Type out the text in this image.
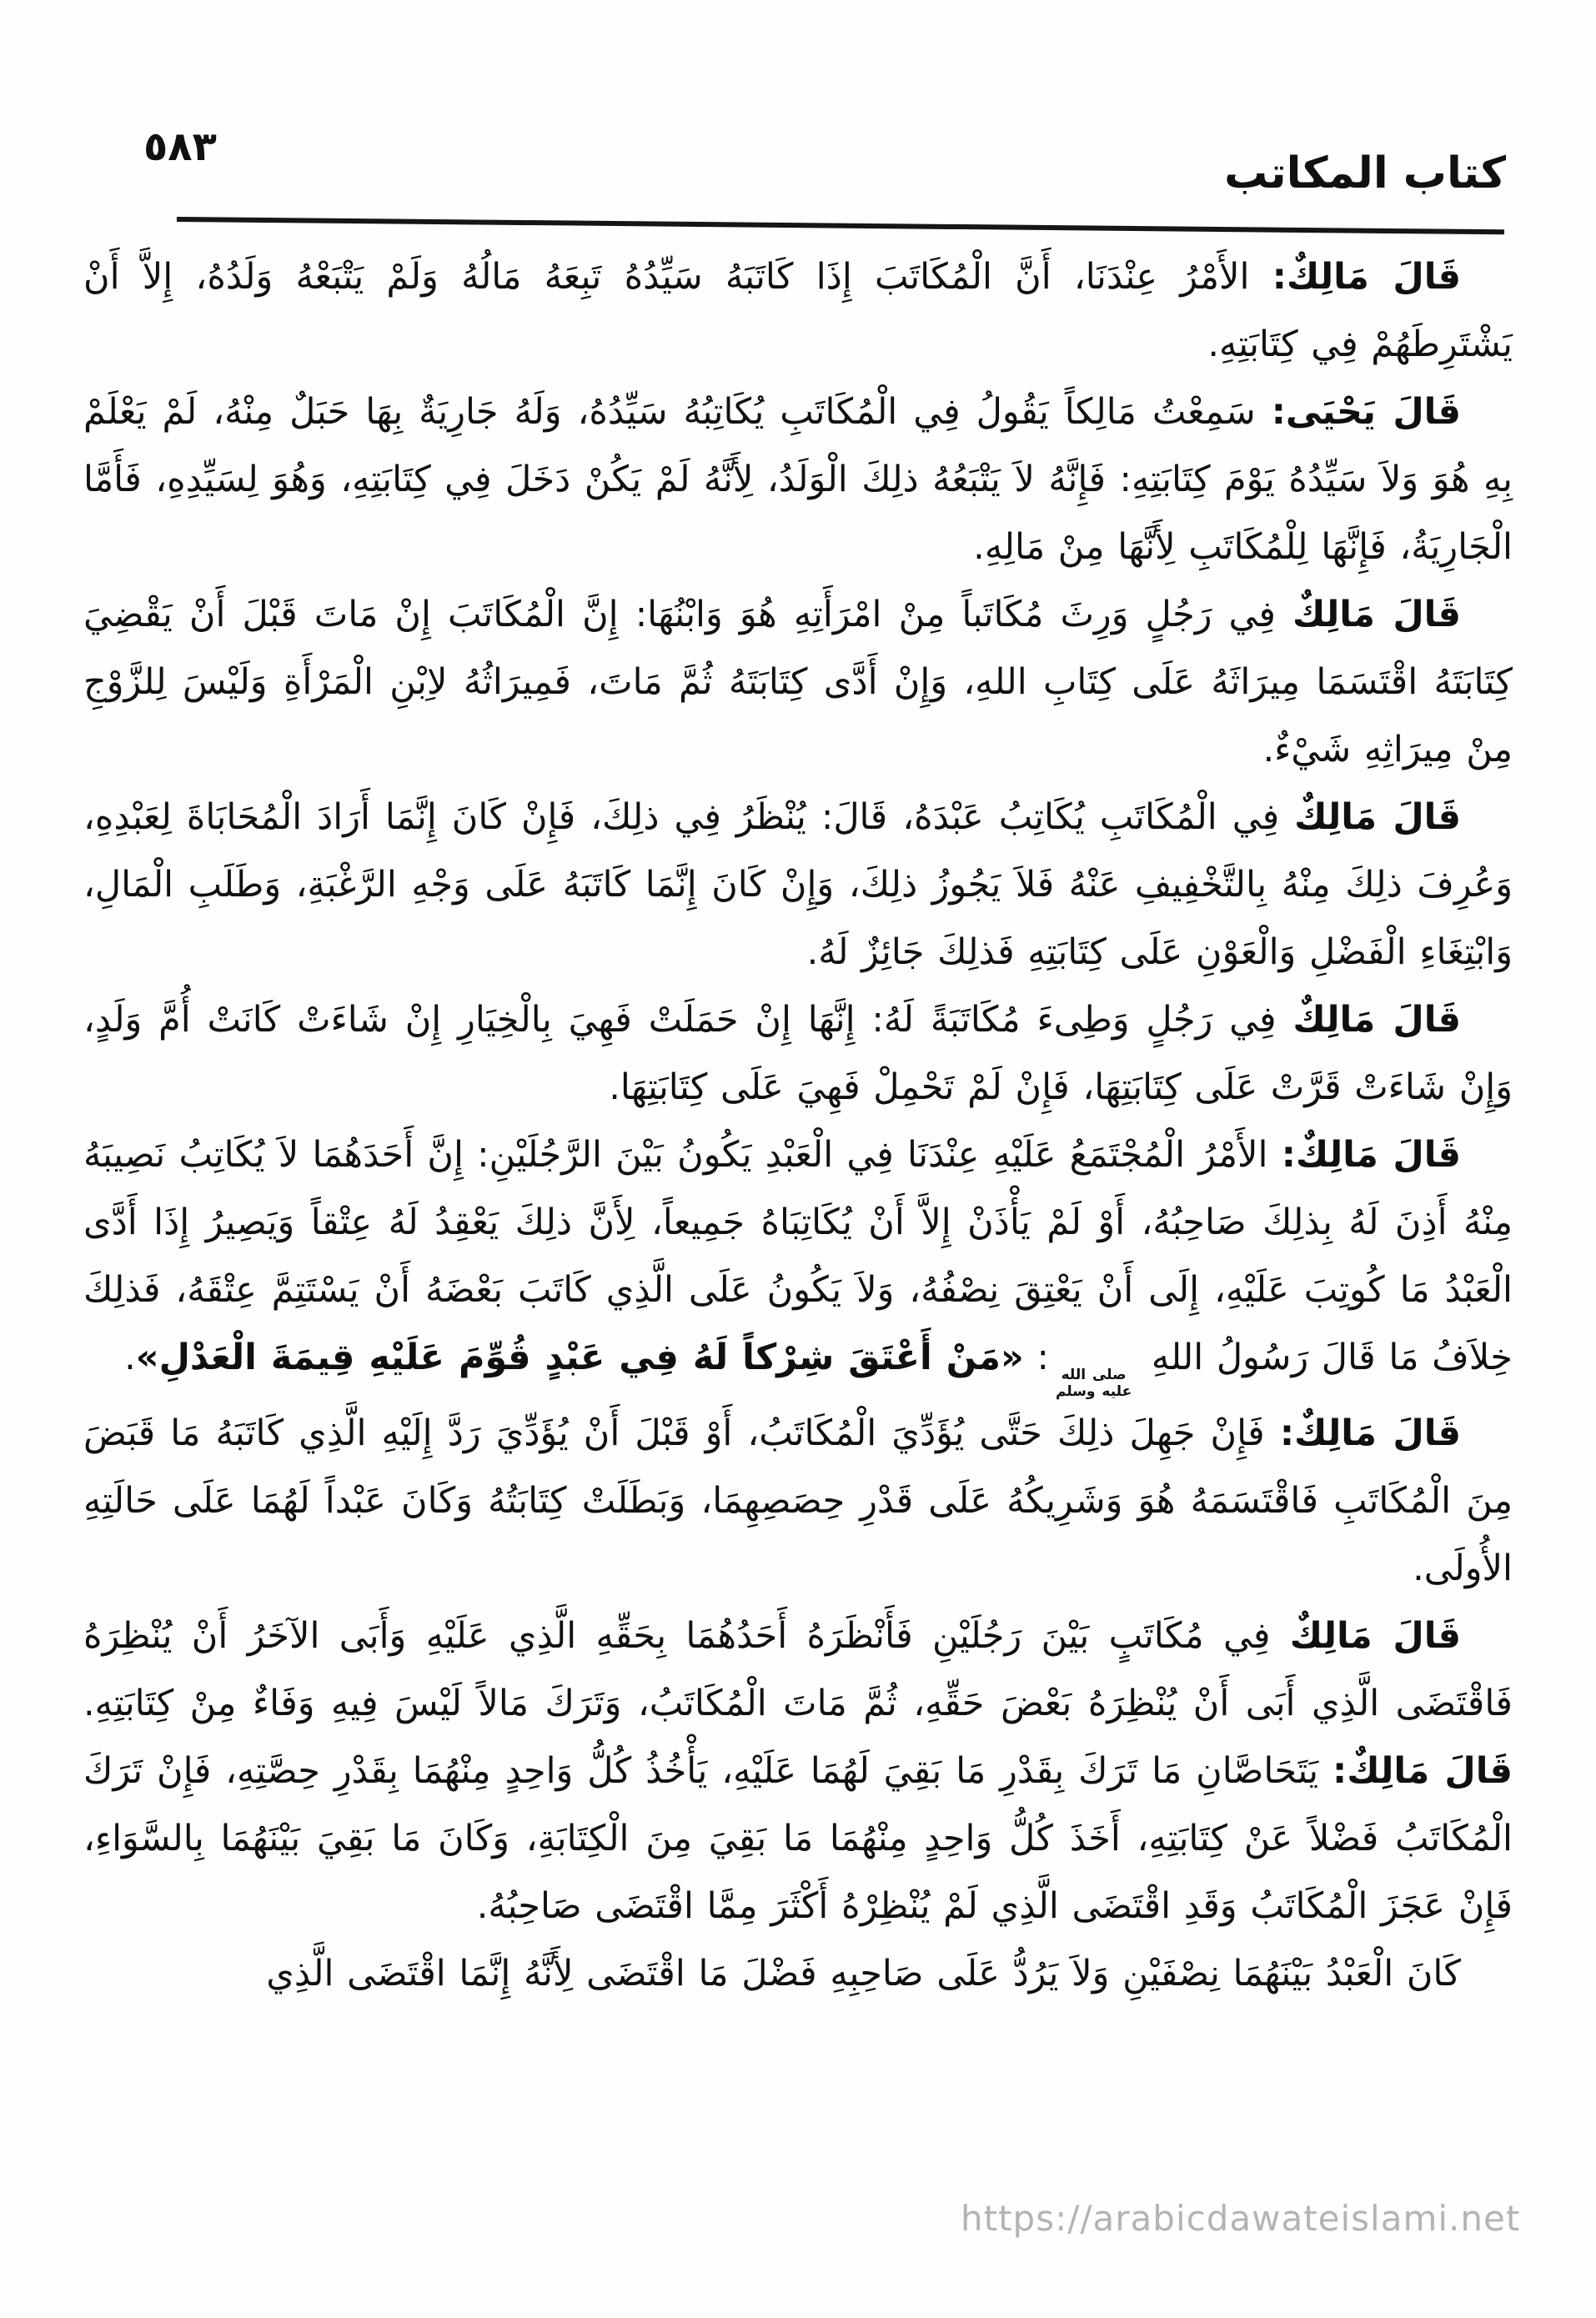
٥٨٣
كتاب المكاتب

قَالَ مَالِكٌ: الأَمْرُ عِنْدَنَا، أَنَّ الْمُكَاتَبَ إِذَا كَاتَبَهُ سَيِّدُهُ تَبِعَهُ مَالُهُ وَلَمْ يَتْبَعْهُ وَلَدُهُ، إِلاَّ أَنْ يَشْتَرِطَهُمْ فِي كِتَابَتِهِ.

قَالَ يَحْيَى: سَمِعْتُ مَالِكاً يَقُولُ فِي الْمُكَاتَبِ يُكَاتِبُهُ سَيِّدُهُ، وَلَهُ جَارِيَةٌ بِهَا حَبَلٌ مِنْهُ، لَمْ يَعْلَمْ بِهِ هُوَ وَلاَ سَيِّدُهُ يَوْمَ كِتَابَتِهِ: فَإِنَّهُ لاَ يَتْبَعُهُ ذلِكَ الْوَلَدُ، لِأَنَّهُ لَمْ يَكُنْ دَخَلَ فِي كِتَابَتِهِ، وَهُوَ لِسَيِّدِهِ، فَأَمَّا الْجَارِيَةُ، فَإِنَّهَا لِلْمُكَاتَبِ لِأَنَّهَا مِنْ مَالِهِ.

قَالَ مَالِكٌ فِي رَجُلٍ وَرِثَ مُكَاتَباً مِنْ امْرَأَتِهِ هُوَ وَابْنُهَا: إِنَّ الْمُكَاتَبَ إِنْ مَاتَ قَبْلَ أَنْ يَقْضِيَ كِتَابَتَهُ اقْتَسَمَا مِيرَاثَهُ عَلَى كِتَابِ اللهِ، وَإِنْ أَدَّى كِتَابَتَهُ ثُمَّ مَاتَ، فَمِيرَاثُهُ لاِبْنِ الْمَرْأَةِ وَلَيْسَ لِلزَّوْجِ مِنْ مِيرَاثِهِ شَيْءٌ.

قَالَ مَالِكٌ فِي الْمُكَاتَبِ يُكَاتِبُ عَبْدَهُ، قَالَ: يُنْظَرُ فِي ذلِكَ، فَإِنْ كَانَ إِنَّمَا أَرَادَ الْمُحَابَاةَ لِعَبْدِهِ، وَعُرِفَ ذلِكَ مِنْهُ بِالتَّخْفِيفِ عَنْهُ فَلاَ يَجُوزُ ذلِكَ، وَإِنْ كَانَ إِنَّمَا كَاتَبَهُ عَلَى وَجْهِ الرَّغْبَةِ، وَطَلَبِ الْمَالِ، وَابْتِغَاءِ الْفَضْلِ وَالْعَوْنِ عَلَى كِتَابَتِهِ فَذلِكَ جَائِزٌ لَهُ.

قَالَ مَالِكٌ فِي رَجُلٍ وَطِىءَ مُكَاتَبَةً لَهُ: إِنَّهَا إِنْ حَمَلَتْ فَهِيَ بِالْخِيَارِ إِنْ شَاءَتْ كَانَتْ أُمَّ وَلَدٍ، وَإِنْ شَاءَتْ قَرَّتْ عَلَى كِتَابَتِهَا، فَإِنْ لَمْ تَحْمِلْ فَهِيَ عَلَى كِتَابَتِهَا.

قَالَ مَالِكٌ: الأَمْرُ الْمُجْتَمَعُ عَلَيْهِ عِنْدَنَا فِي الْعَبْدِ يَكُونُ بَيْنَ الرَّجُلَيْنِ: إِنَّ أَحَدَهُمَا لاَ يُكَاتِبُ نَصِيبَهُ مِنْهُ أَذِنَ لَهُ بِذلِكَ صَاحِبُهُ، أَوْ لَمْ يَأْذَنْ إِلاَّ أَنْ يُكَاتِبَاهُ جَمِيعاً، لِأَنَّ ذلِكَ يَعْقِدُ لَهُ عِتْقاً وَيَصِيرُ إِذَا أَدَّى الْعَبْدُ مَا كُوتِبَ عَلَيْهِ، إِلَى أَنْ يَعْتِقَ نِصْفُهُ، وَلاَ يَكُونُ عَلَى الَّذِي كَاتَبَ بَعْضَهُ أَنْ يَسْتَتِمَّ عِتْقَهُ، فَذلِكَ خِلاَفُ مَا قَالَ رَسُولُ اللهِ
صلى الله
عليه وسلم
: «مَنْ أَعْتَقَ شِرْكاً لَهُ فِي عَبْدٍ قُوِّمَ عَلَيْهِ قِيمَةَ الْعَدْلِ».

قَالَ مَالِكٌ: فَإِنْ جَهِلَ ذلِكَ حَتَّى يُؤَدِّيَ الْمُكَاتَبُ، أَوْ قَبْلَ أَنْ يُؤَدِّيَ رَدَّ إِلَيْهِ الَّذِي كَاتَبَهُ مَا قَبَضَ مِنَ الْمُكَاتَبِ فَاقْتَسَمَهُ هُوَ وَشَرِيكُهُ عَلَى قَدْرِ حِصَصِهِمَا، وَبَطَلَتْ كِتَابَتُهُ وَكَانَ عَبْداً لَهُمَا عَلَى حَالَتِهِ الأُولَى.

قَالَ مَالِكٌ فِي مُكَاتَبٍ بَيْنَ رَجُلَيْنِ فَأَنْظَرَهُ أَحَدُهُمَا بِحَقِّهِ الَّذِي عَلَيْهِ وَأَبَى الآخَرُ أَنْ يُنْظِرَهُ فَاقْتَضَى الَّذِي أَبَى أَنْ يُنْظِرَهُ بَعْضَ حَقِّهِ، ثُمَّ مَاتَ الْمُكَاتَبُ، وَتَرَكَ مَالاً لَيْسَ فِيهِ وَفَاءٌ مِنْ كِتَابَتِهِ. قَالَ مَالِكٌ: يَتَحَاصَّانِ مَا تَرَكَ بِقَدْرِ مَا بَقِيَ لَهُمَا عَلَيْهِ، يَأْخُذُ كُلُّ وَاحِدٍ مِنْهُمَا بِقَدْرِ حِصَّتِهِ، فَإِنْ تَرَكَ الْمُكَاتَبُ فَضْلاً عَنْ كِتَابَتِهِ، أَخَذَ كُلُّ وَاحِدٍ مِنْهُمَا مَا بَقِيَ مِنَ الْكِتَابَةِ، وَكَانَ مَا بَقِيَ بَيْنَهُمَا بِالسَّوَاءِ، فَإِنْ عَجَزَ الْمُكَاتَبُ وَقَدِ اقْتَضَى الَّذِي لَمْ يُنْظِرْهُ أَكْثَرَ مِمَّا اقْتَضَى صَاحِبُهُ.

كَانَ الْعَبْدُ بَيْنَهُمَا نِصْفَيْنِ وَلاَ يَرُدُّ عَلَى صَاحِبِهِ فَضْلَ مَا اقْتَضَى لِأَنَّهُ إِنَّمَا اقْتَضَى الَّذِي

https://arabicdawateislami.net
